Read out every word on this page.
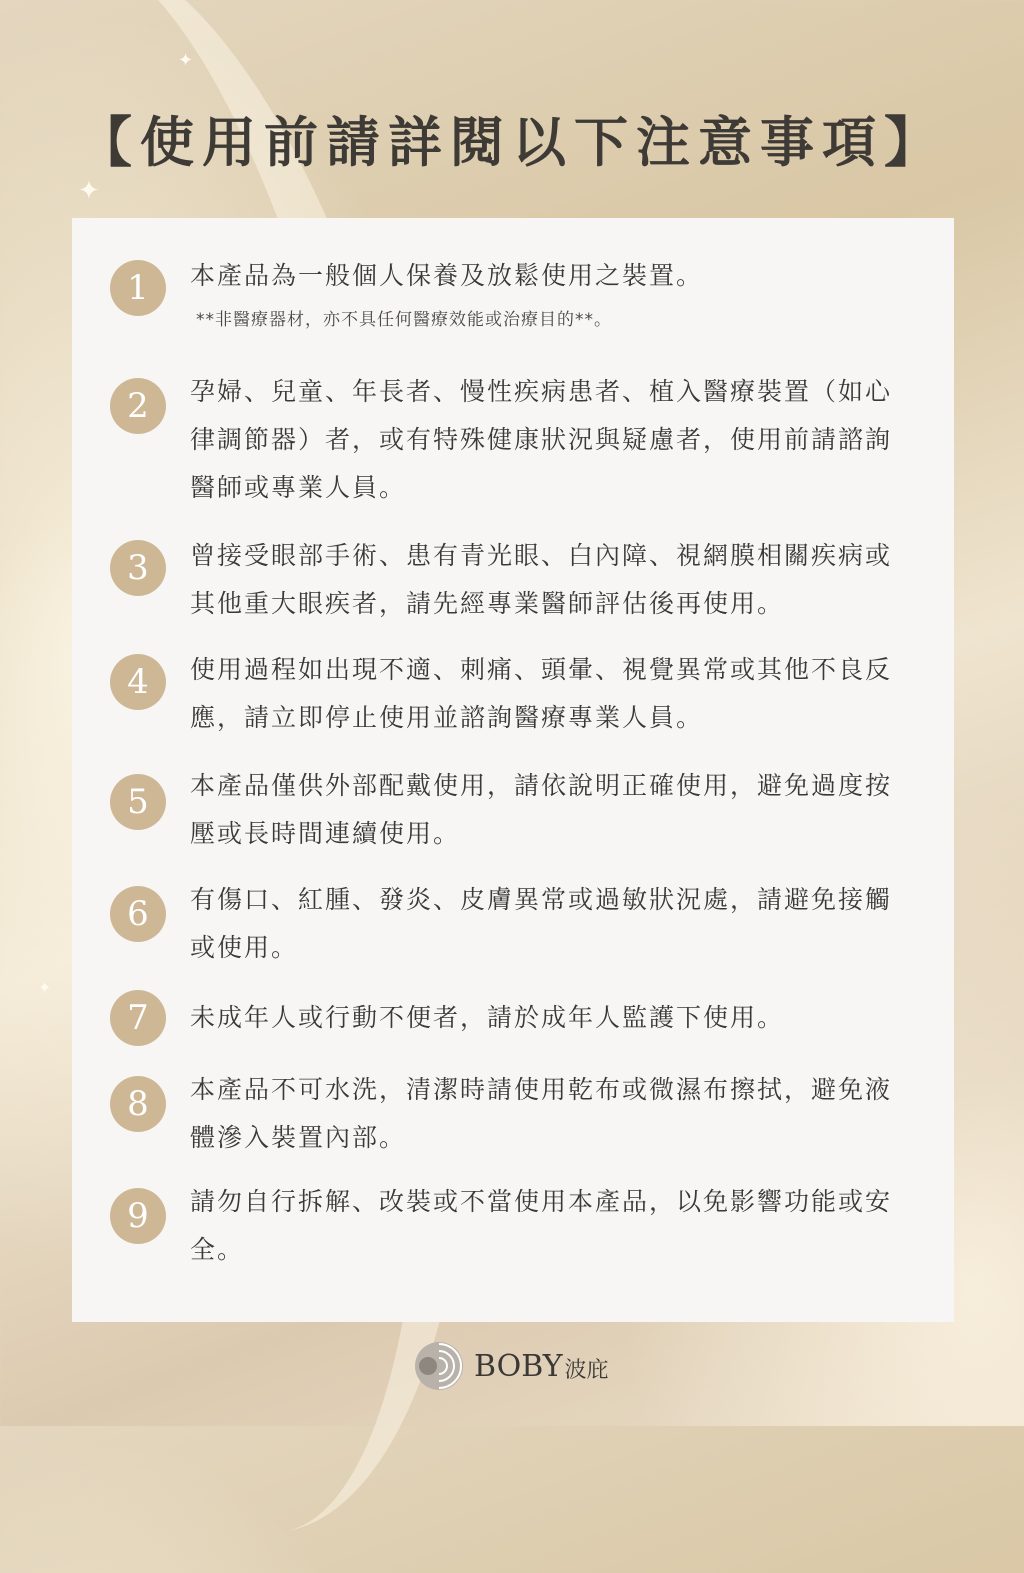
✦
✦
✦
【使用前請詳閱以下注意事項】
1	本產品為一般個人保養及放鬆使用之裝置。
**非醫療器材，亦不具任何醫療效能或治療目的**。
2	孕婦、兒童、年長者、慢性疾病患者、植入醫療裝置（如心律調節器）者，或有特殊健康狀況與疑慮者，使用前請諮詢醫師或專業人員。
3	曾接受眼部手術、患有青光眼、白內障、視網膜相關疾病或其他重大眼疾者，請先經專業醫師評估後再使用。
4	使用過程如出現不適、刺痛、頭暈、視覺異常或其他不良反應，請立即停止使用並諮詢醫療專業人員。
5	本產品僅供外部配戴使用，請依說明正確使用，避免過度按壓或長時間連續使用。
6	有傷口、紅腫、發炎、皮膚異常或過敏狀況處，請避免接觸或使用。
7	未成年人或行動不便者，請於成年人監護下使用。
8	本產品不可水洗，清潔時請使用乾布或微濕布擦拭，避免液體滲入裝置內部。
9	請勿自行拆解、改裝或不當使用本產品，以免影響功能或安全。
BOBY 波庇
